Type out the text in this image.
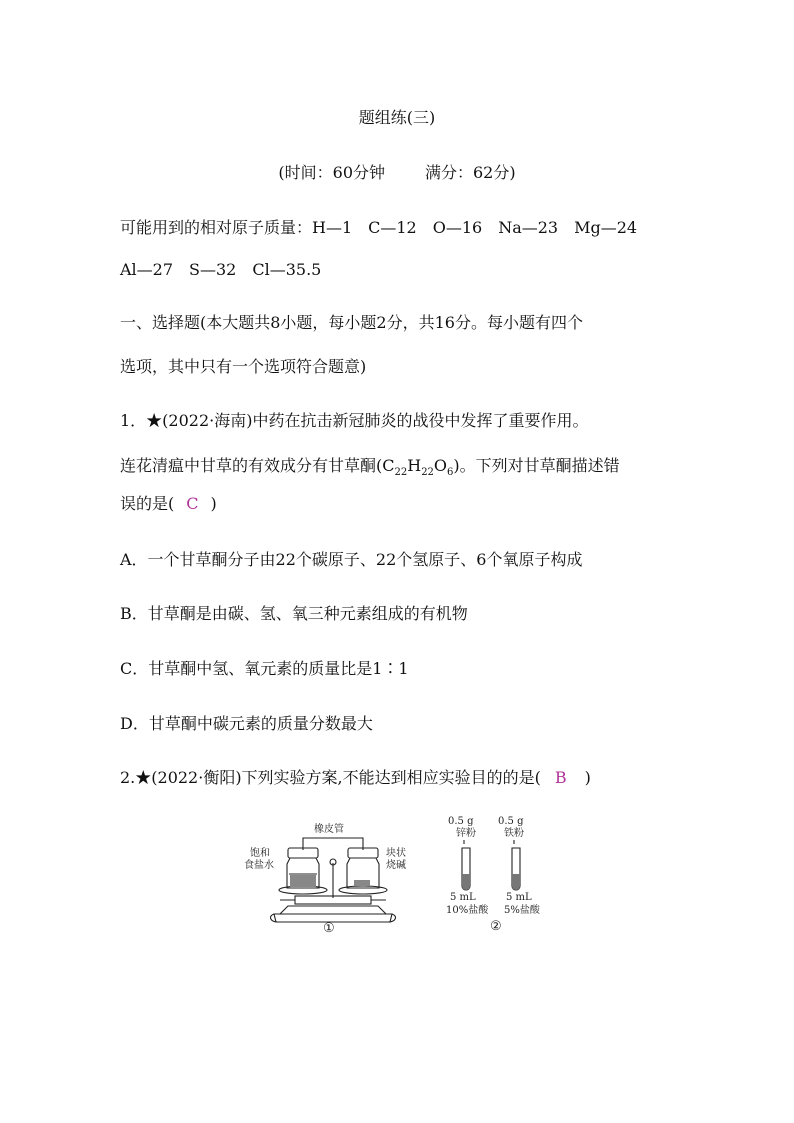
题组练(三)
(时间：60分钟	满分：62分)
可能用到的相对原子质量：H—1　C—12　O—16　Na—23　Mg—24
Al—27　S—32　Cl—35.5
一、选择题(本大题共8小题，每小题2分，共16分。每小题有四个
选项，其中只有一个选项符合题意)
1．★(2022·海南)中药在抗击新冠肺炎的战役中发挥了重要作用。
连花清瘟中甘草的有效成分有甘草酮$(C_{22}H_{22}O_6)$。下列对甘草酮描述错
误的是( C )
A．一个甘草酮分子由22个碳原子、22个氢原子、6个氧原子构成
B．甘草酮是由碳、氢、氧三种元素组成的有机物
C．甘草酮中氢、氧元素的质量比是1∶1
D．甘草酮中碳元素的质量分数最大
2.★(2022·衡阳)下列实验方案,不能达到相应实验目的的是( B )
橡皮管
饱和
食盐水
块状
烧碱
①
0.5 g
锌粉
0.5 g
铁粉
5 mL
10%盐酸
5 mL
5%盐酸
②
